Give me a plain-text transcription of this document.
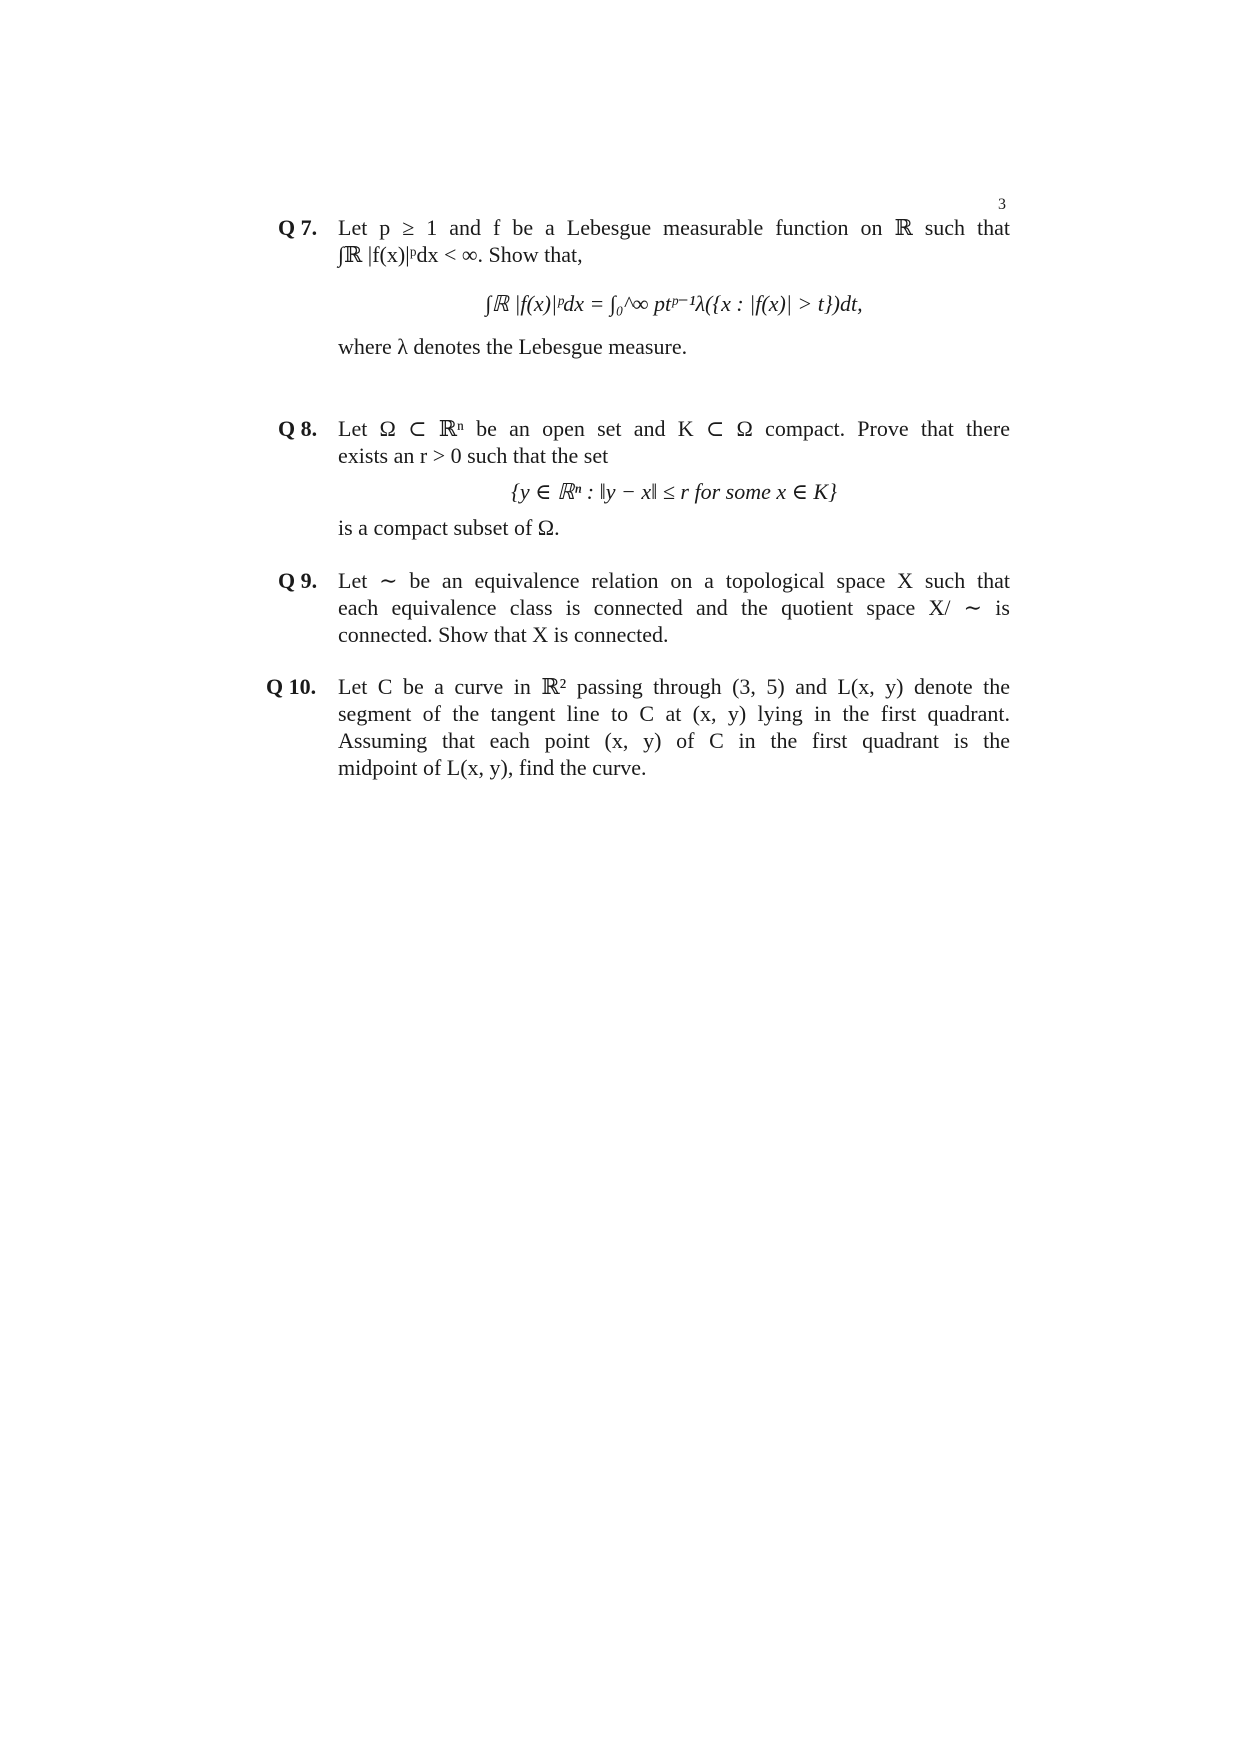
3
Q 7. Let p ≥ 1 and f be a Lebesgue measurable function on ℝ such that
∫ℝ |f(x)|ᵖdx < ∞. Show that,
∫ℝ |f(x)|ᵖdx = ∫₀^∞ ptᵖ⁻¹λ({x : |f(x)| > t})dt,
where λ denotes the Lebesgue measure.
Q 8. Let Ω ⊂ ℝⁿ be an open set and K ⊂ Ω compact. Prove that there
exists an r > 0 such that the set
{y ∈ ℝⁿ : ‖y − x‖ ≤ r for some x ∈ K}
is a compact subset of Ω.
Q 9. Let ∼ be an equivalence relation on a topological space X such that
each equivalence class is connected and the quotient space X/ ∼ is
connected. Show that X is connected.
Q 10. Let C be a curve in ℝ² passing through (3, 5) and L(x, y) denote the
segment of the tangent line to C at (x, y) lying in the first quadrant.
Assuming that each point (x, y) of C in the first quadrant is the
midpoint of L(x, y), find the curve.
